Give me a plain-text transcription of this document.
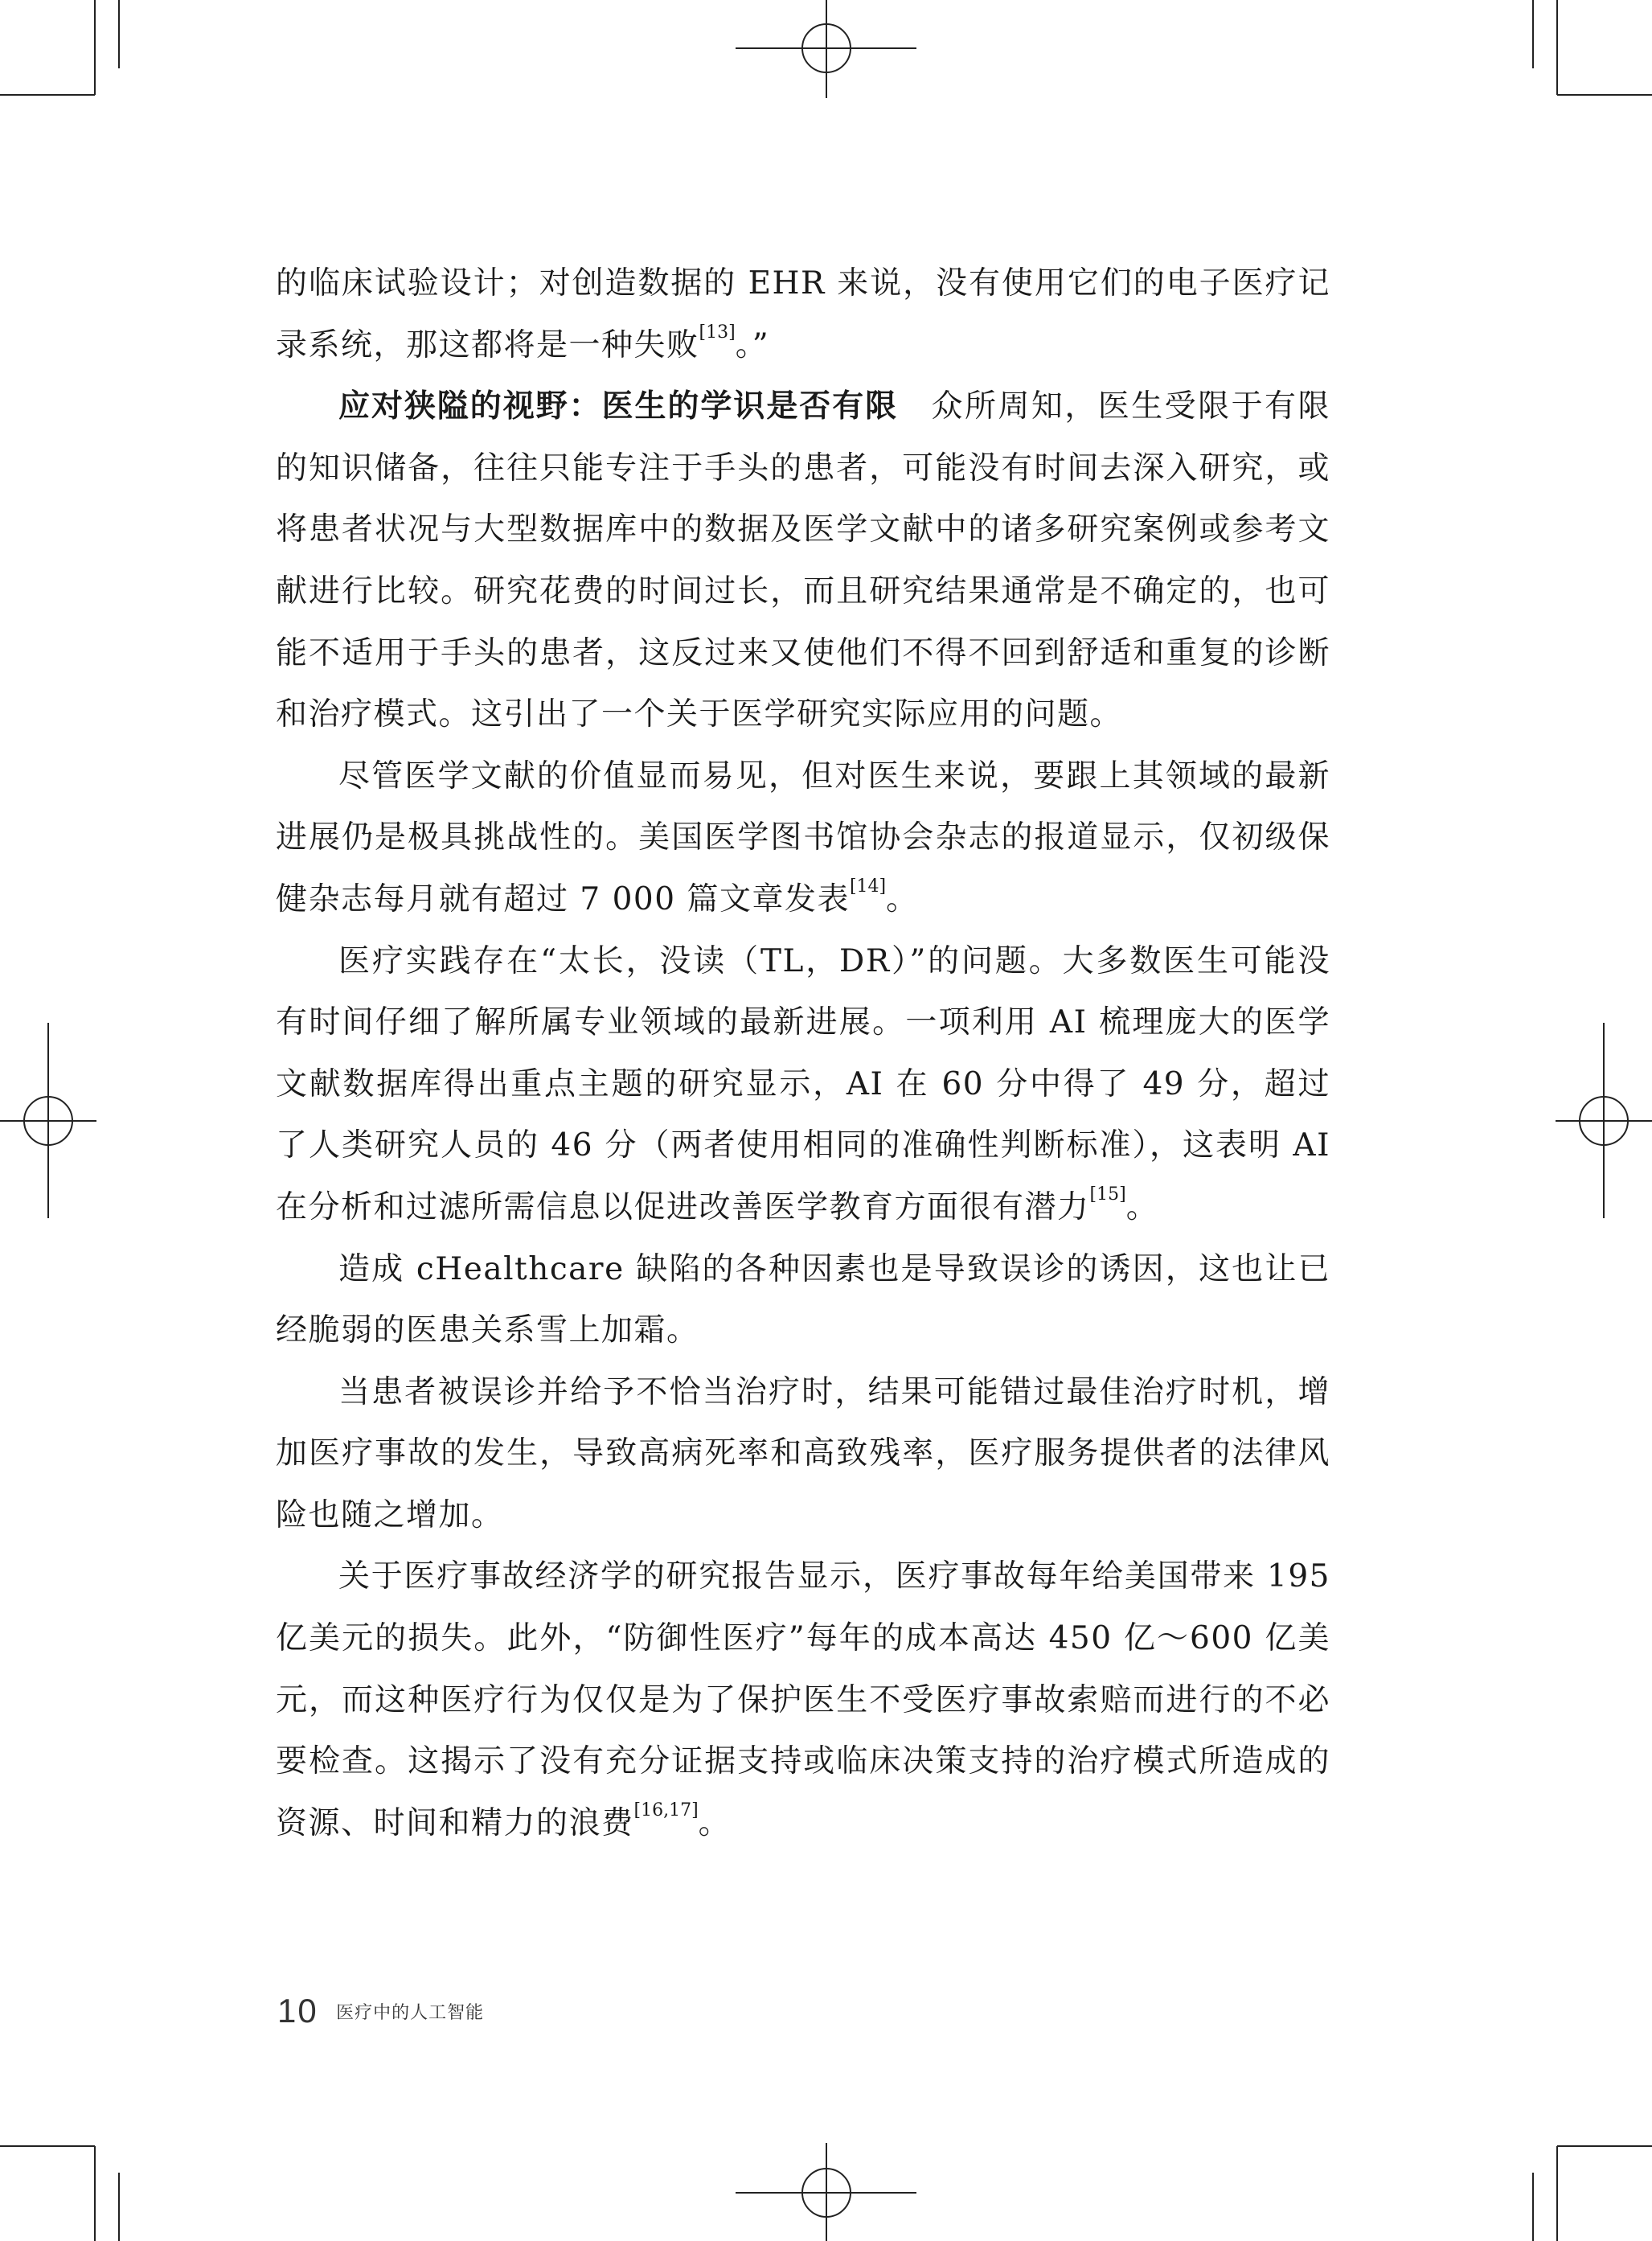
的临床试验设计；对创造数据的 EHR 来说，没有使用它们的电子医疗记录系统，那这都将是一种失败[13]。”

应对狭隘的视野：医生的学识是否有限　众所周知，医生受限于有限的知识储备，往往只能专注于手头的患者，可能没有时间去深入研究，或将患者状况与大型数据库中的数据及医学文献中的诸多研究案例或参考文献进行比较。研究花费的时间过长，而且研究结果通常是不确定的，也可能不适用于手头的患者，这反过来又使他们不得不回到舒适和重复的诊断和治疗模式。这引出了一个关于医学研究实际应用的问题。

尽管医学文献的价值显而易见，但对医生来说，要跟上其领域的最新进展仍是极具挑战性的。美国医学图书馆协会杂志的报道显示，仅初级保健杂志每月就有超过 7 000 篇文章发表[14]。

医疗实践存在“太长，没读（TL，DR）”的问题。大多数医生可能没有时间仔细了解所属专业领域的最新进展。一项利用 AI 梳理庞大的医学文献数据库得出重点主题的研究显示，AI 在 60 分中得了 49 分，超过了人类研究人员的 46 分（两者使用相同的准确性判断标准），这表明 AI 在分析和过滤所需信息以促进改善医学教育方面很有潜力[15]。

造成 cHealthcare 缺陷的各种因素也是导致误诊的诱因，这也让已经脆弱的医患关系雪上加霜。

当患者被误诊并给予不恰当治疗时，结果可能错过最佳治疗时机，增加医疗事故的发生，导致高病死率和高致残率，医疗服务提供者的法律风险也随之增加。

关于医疗事故经济学的研究报告显示，医疗事故每年给美国带来 195 亿美元的损失。此外，“防御性医疗”每年的成本高达 450 亿～600 亿美元，而这种医疗行为仅仅是为了保护医生不受医疗事故索赔而进行的不必要检查。这揭示了没有充分证据支持或临床决策支持的治疗模式所造成的资源、时间和精力的浪费[16,17]。

10 医疗中的人工智能
